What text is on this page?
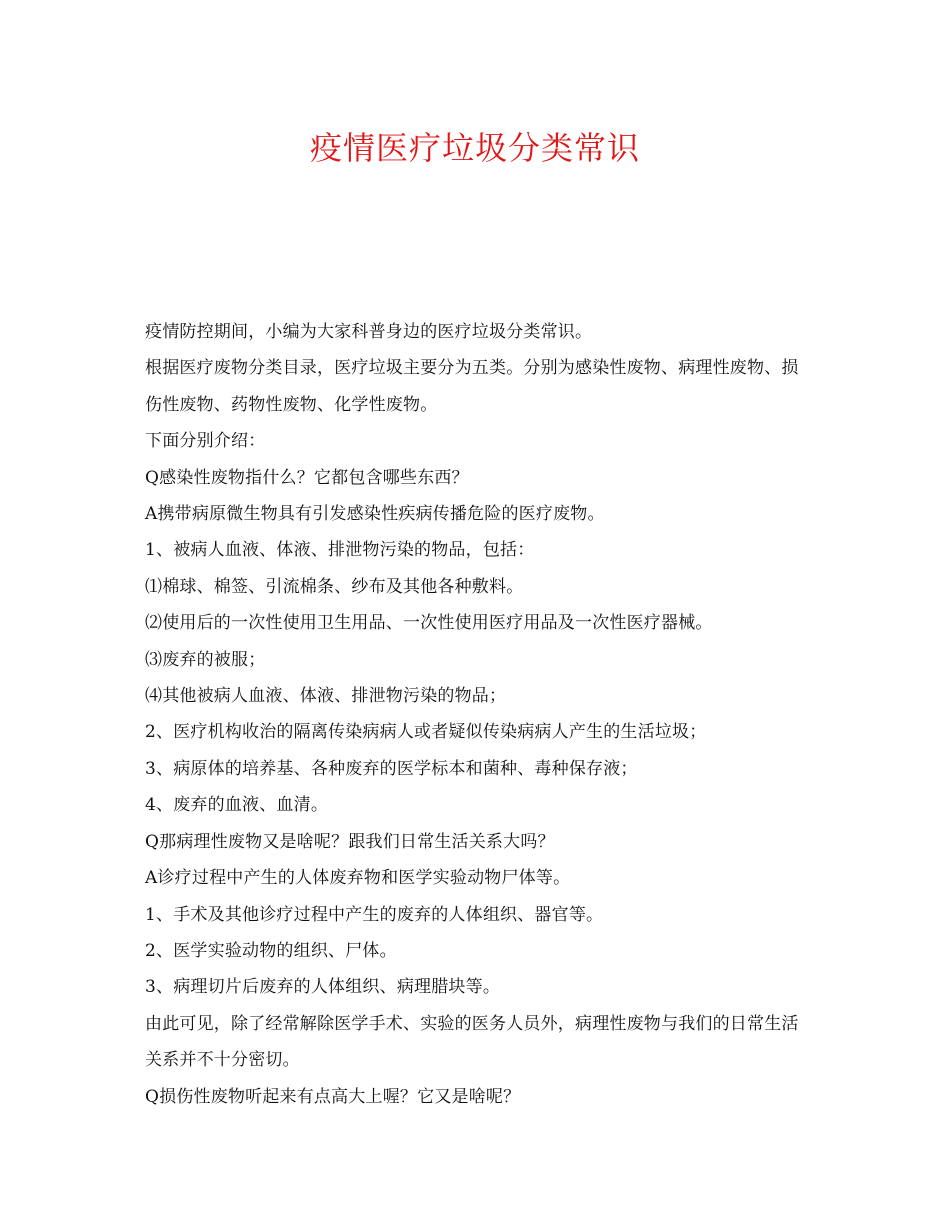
疫情医疗垃圾分类常识

疫情防控期间，小编为大家科普身边的医疗垃圾分类常识。

根据医疗废物分类目录，医疗垃圾主要分为五类。分别为感染性废物、病理性废物、损伤性废物、药物性废物、化学性废物。

下面分别介绍：

Q感染性废物指什么？它都包含哪些东西？

A携带病原微生物具有引发感染性疾病传播危险的医疗废物。

1、被病人血液、体液、排泄物污染的物品，包括：

⑴棉球、棉签、引流棉条、纱布及其他各种敷料。

⑵使用后的一次性使用卫生用品、一次性使用医疗用品及一次性医疗器械。

⑶废弃的被服；

⑷其他被病人血液、体液、排泄物污染的物品；

2、医疗机构收治的隔离传染病病人或者疑似传染病病人产生的生活垃圾；

3、病原体的培养基、各种废弃的医学标本和菌种、毒种保存液；

4、废弃的血液、血清。

Q那病理性废物又是啥呢？跟我们日常生活关系大吗？

A诊疗过程中产生的人体废弃物和医学实验动物尸体等。

1、手术及其他诊疗过程中产生的废弃的人体组织、器官等。

2、医学实验动物的组织、尸体。

3、病理切片后废弃的人体组织、病理腊块等。

由此可见，除了经常解除医学手术、实验的医务人员外，病理性废物与我们的日常生活关系并不十分密切。

Q损伤性废物听起来有点高大上喔？它又是啥呢？
